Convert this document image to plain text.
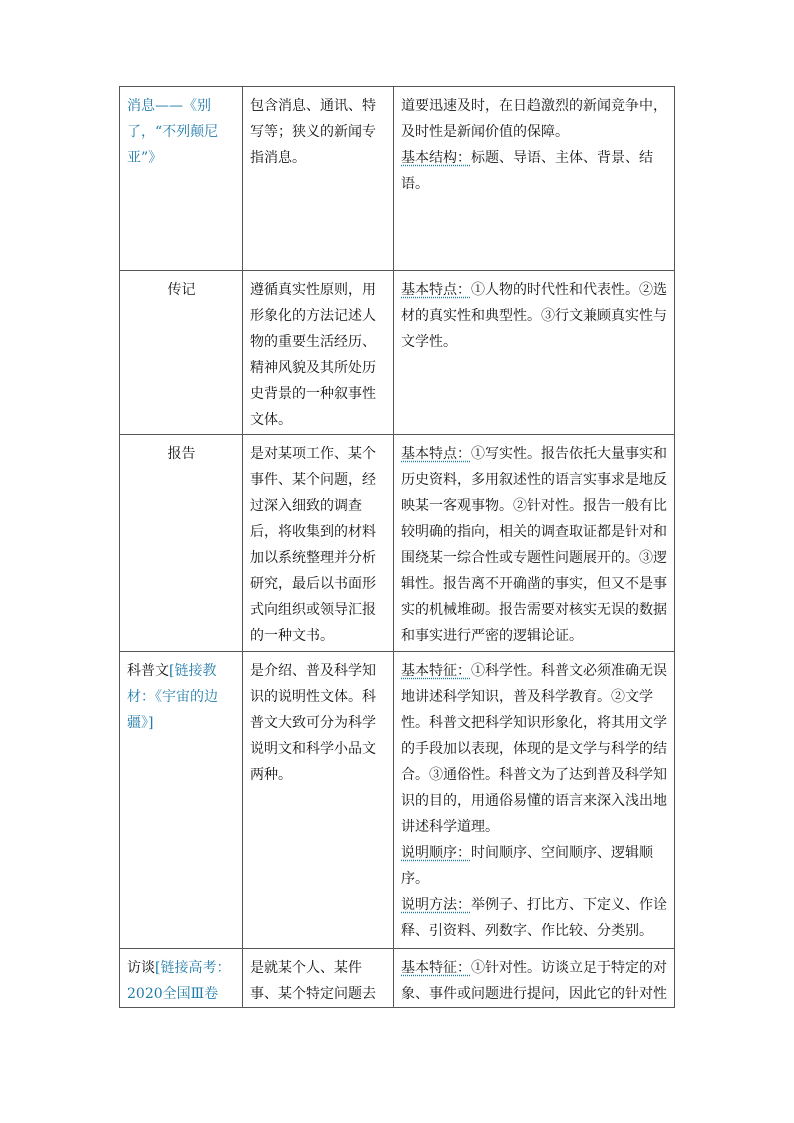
消息——《别了，“不列颠尼亚”》	包含消息、通讯、特写等；狭义的新闻专指消息。	道要迅速及时，在日趋激烈的新闻竞争中，及时性是新闻价值的保障。
基本结构：标题、导语、主体、背景、结语。

传记	遵循真实性原则，用形象化的方法记述人物的重要生活经历、精神风貌及其所处历史背景的一种叙事性文体。	基本特点：①人物的时代性和代表性。②选材的真实性和典型性。③行文兼顾真实性与文学性。
报告	是对某项工作、某个事件、某个问题，经过深入细致的调查后，将收集到的材料加以系统整理并分析研究，最后以书面形式向组织或领导汇报的一种文书。	基本特点：①写实性。报告依托大量事实和历史资料，多用叙述性的语言实事求是地反映某一客观事物。②针对性。报告一般有比较明确的指向，相关的调查取证都是针对和围绕某一综合性或专题性问题展开的。③逻辑性。报告离不开确凿的事实，但又不是事实的机械堆砌。报告需要对核实无误的数据和事实进行严密的逻辑论证。
科普文[链接教材：《宇宙的边疆》]	是介绍、普及科学知识的说明性文体。科普文大致可分为科学说明文和科学小品文两种。	基本特征：①科学性。科普文必须准确无误地讲述科学知识，普及科学教育。②文学性。科普文把科学知识形象化，将其用文学的手段加以表现，体现的是文学与科学的结合。③通俗性。科普文为了达到普及科学知识的目的，用通俗易懂的语言来深入浅出地讲述科学道理。
说明顺序：时间顺序、空间顺序、逻辑顺序。
说明方法：举例子、打比方、下定义、作诠释、引资料、列数字、作比较、分类别。

访谈[链接高考：2020全国Ⅲ卷	是就某个人、某件事、某个特定问题去	基本特征：①针对性。访谈立足于特定的对象、事件或问题进行提问，因此它的针对性
